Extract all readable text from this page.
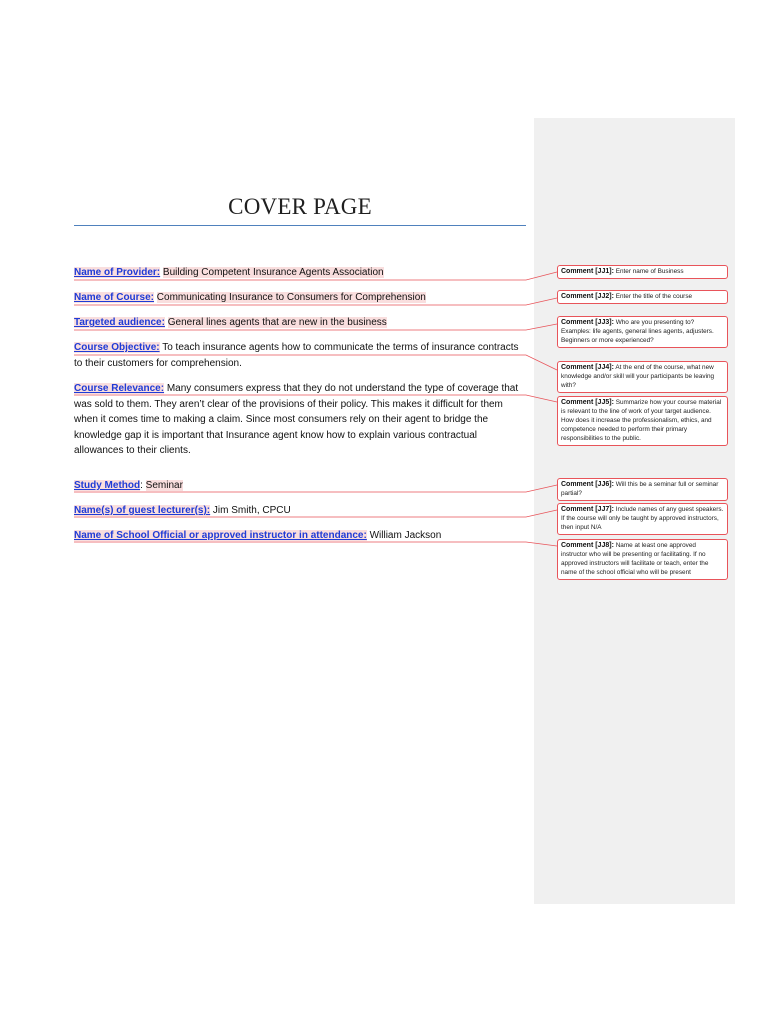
COVER PAGE
Name of Provider: Building Competent Insurance Agents Association
Name of Course: Communicating Insurance to Consumers for Comprehension
Targeted audience: General lines agents that are new in the business
Course Objective: To teach insurance agents how to communicate the terms of insurance contracts to their customers for comprehension.
Course Relevance: Many consumers express that they do not understand the type of coverage that was sold to them. They aren’t clear of the provisions of their policy. This makes it difficult for them when it comes time to making a claim. Since most consumers rely on their agent to bridge the knowledge gap it is important that Insurance agent know how to explain various contractual allowances to their clients.
Study Method: Seminar
Name(s) of guest lecturer(s): Jim Smith, CPCU
Name of School Official or approved instructor in attendance: William Jackson
Comment [JJ1]: Enter name of Business
Comment [JJ2]: Enter the title of the course
Comment [JJ3]: Who are you presenting to? Examples: life agents, general lines agents, adjusters. Beginners or more experienced?
Comment [JJ4]: At the end of the course, what new knowledge and/or skill will your participants be leaving with?
Comment [JJ5]: Summarize how your course material is relevant to the line of work of your target audience. How does it increase the professionalism, ethics, and competence needed to perform their primary responsibilities to the public.
Comment [JJ6]: Will this be a seminar full or seminar partial?
Comment [JJ7]: Include names of any guest speakers. If the course will only be taught by approved instructors, then input N/A
Comment [JJ8]: Name at least one approved instructor who will be presenting or facilitating. If no approved instructors will facilitate or teach, enter the name of the school official who will be present
